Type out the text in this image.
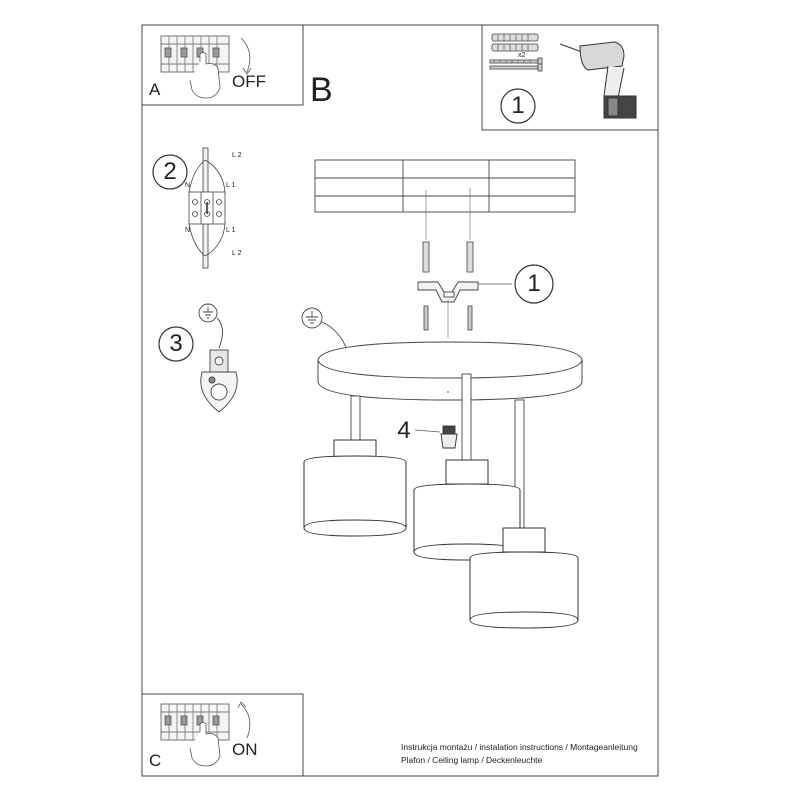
A	OFF B
C
ON
x2
1
2
3
4
1
L 2
L 1
N
N	L 1
L 2
Instrukcja montażu / instalation instructions / Montageanleitung
Plafon / Ceiling lamp / Deckenleuchte
